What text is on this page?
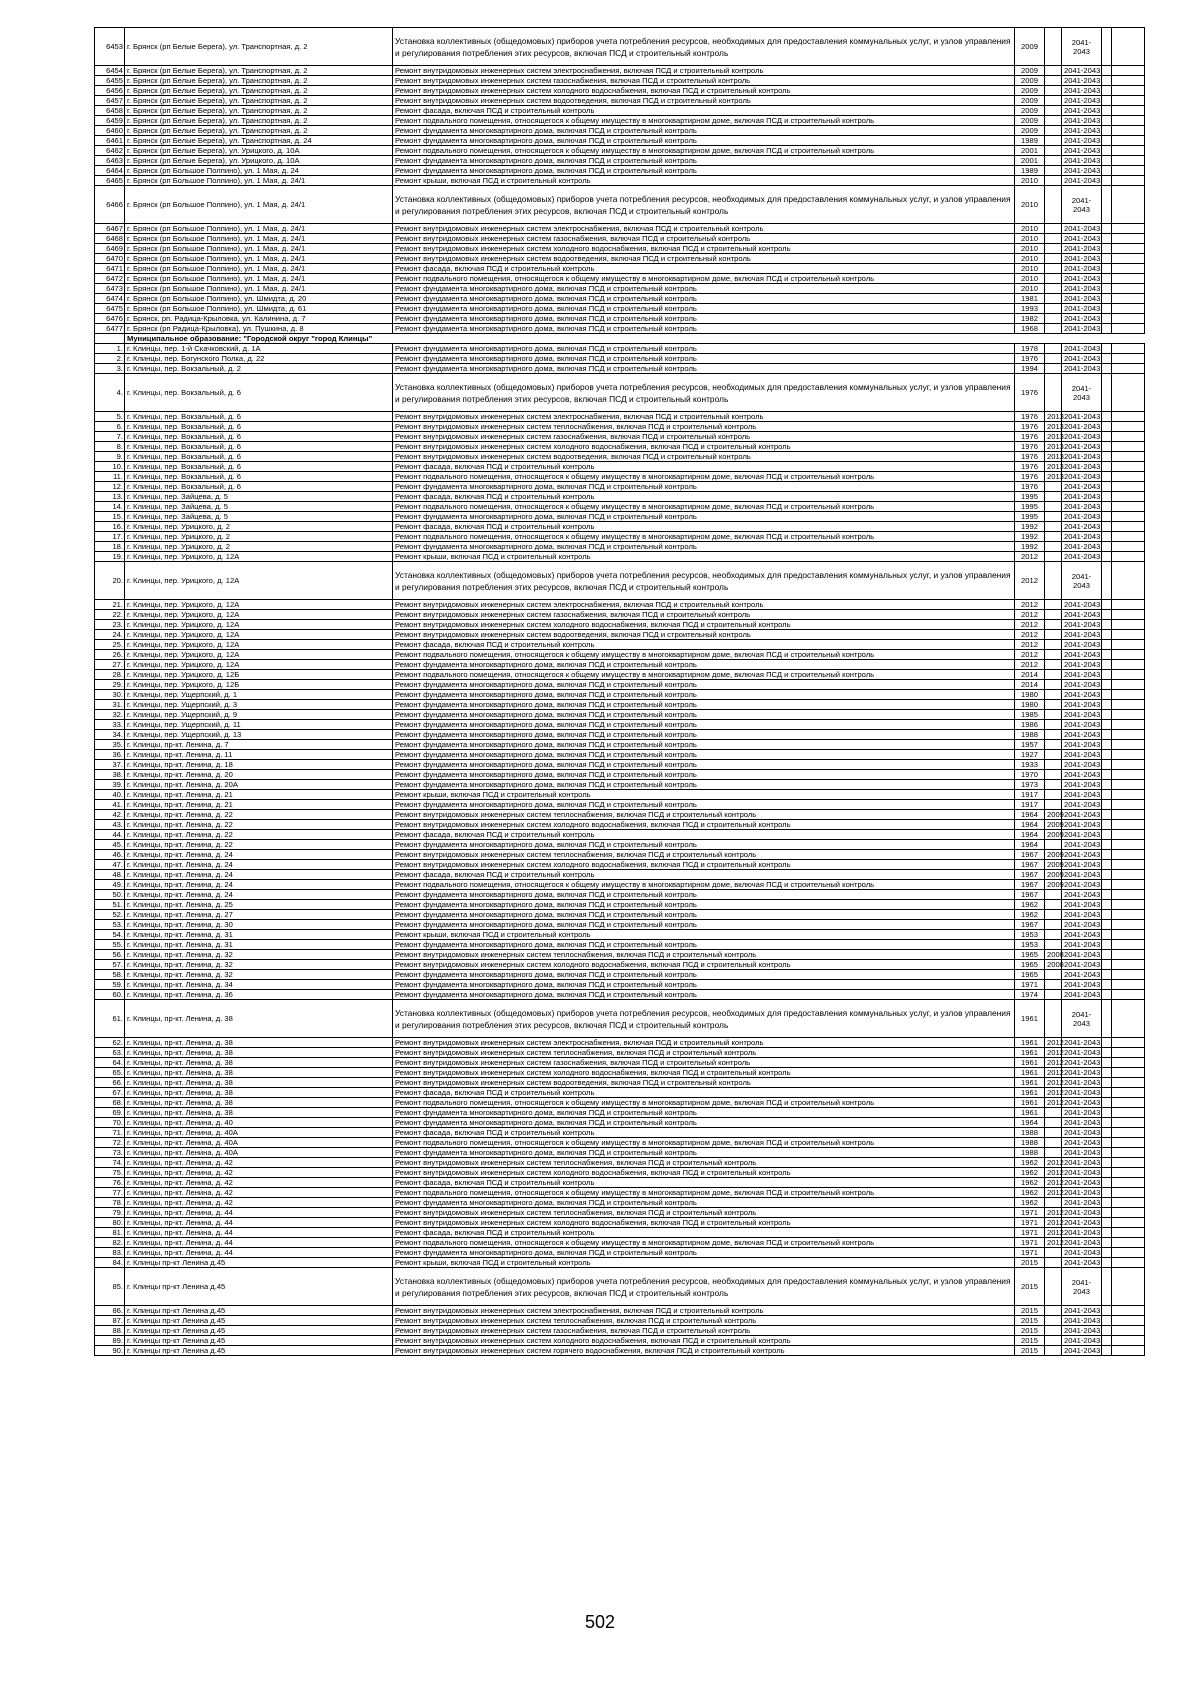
6453	г. Брянск (рп Белые Берега), ул. Транспортная, д. 2	Установка коллективных (общедомовых) приборов учета потребления ресурсов, необходимых для предоставления коммунальных услуг, и узлов управления и регулирования потребления этих ресурсов, включая ПСД и строительный контроль	2009		2041-2043		
6454	г. Брянск (рп Белые Берега), ул. Транспортная, д. 2	Ремонт внутридомовых инженерных систем электроснабжения, включая ПСД и строительный контроль	2009		2041-2043		
6455	г. Брянск (рп Белые Берега), ул. Транспортная, д. 2	Ремонт внутридомовых инженерных систем газоснабжения, включая ПСД и строительный контроль	2009		2041-2043		
6456	г. Брянск (рп Белые Берега), ул. Транспортная, д. 2	Ремонт внутридомовых инженерных систем холодного водоснабжения, включая ПСД и строительный контроль	2009		2041-2043		
6457	г. Брянск (рп Белые Берега), ул. Транспортная, д. 2	Ремонт внутридомовых инженерных систем водоотведения, включая ПСД и строительный контроль	2009		2041-2043		
6458	г. Брянск (рп Белые Берега), ул. Транспортная, д. 2	Ремонт фасада, включая ПСД и строительный контроль	2009		2041-2043		
6459	г. Брянск (рп Белые Берега), ул. Транспортная, д. 2	Ремонт подвального помещения, относящегося к общему имуществу в многоквартирном доме, включая ПСД и строительный контроль	2009		2041-2043		
6460	г. Брянск (рп Белые Берега), ул. Транспортная, д. 2	Ремонт фундамента многоквартирного дома, включая ПСД и строительный контроль	2009		2041-2043		
6461	г. Брянск (рп Белые Берега), ул. Транспортная, д. 24	Ремонт фундамента многоквартирного дома, включая ПСД и строительный контроль	1989		2041-2043		
6462	г. Брянск (рп Белые Берега), ул. Урицкого, д. 10А	Ремонт подвального помещения, относящегося к общему имуществу в многоквартирном доме, включая ПСД и строительный контроль	2001		2041-2043		
6463	г. Брянск (рп Белые Берега), ул. Урицкого, д. 10А	Ремонт фундамента многоквартирного дома, включая ПСД и строительный контроль	2001		2041-2043		
6464	г. Брянск (рп Большое Полпино), ул. 1 Мая, д. 24	Ремонт фундамента многоквартирного дома, включая ПСД и строительный контроль	1989		2041-2043		
6465	г. Брянск (рп Большое Полпино), ул. 1 Мая, д. 24/1	Ремонт крыши, включая ПСД и строительный контроль	2010		2041-2043		
6466	г. Брянск (рп Большое Полпино), ул. 1 Мая, д. 24/1	Установка коллективных (общедомовых) приборов учета потребления ресурсов, необходимых для предоставления коммунальных услуг, и узлов управления и регулирования потребления этих ресурсов, включая ПСД и строительный контроль	2010		2041-2043		
6467	г. Брянск (рп Большое Полпино), ул. 1 Мая, д. 24/1	Ремонт внутридомовых инженерных систем электроснабжения, включая ПСД и строительный контроль	2010		2041-2043		
6468	г. Брянск (рп Большое Полпино), ул. 1 Мая, д. 24/1	Ремонт внутридомовых инженерных систем газоснабжения, включая ПСД и строительный контроль	2010		2041-2043		
6469	г. Брянск (рп Большое Полпино), ул. 1 Мая, д. 24/1	Ремонт внутридомовых инженерных систем холодного водоснабжения, включая ПСД и строительный контроль	2010		2041-2043		
6470	г. Брянск (рп Большое Полпино), ул. 1 Мая, д. 24/1	Ремонт внутридомовых инженерных систем водоотведения, включая ПСД и строительный контроль	2010		2041-2043		
6471	г. Брянск (рп Большое Полпино), ул. 1 Мая, д. 24/1	Ремонт фасада, включая ПСД и строительный контроль	2010		2041-2043		
6472	г. Брянск (рп Большое Полпино), ул. 1 Мая, д. 24/1	Ремонт подвального помещения, относящегося к общему имуществу в многоквартирном доме, включая ПСД и строительный контроль	2010		2041-2043		
6473	г. Брянск (рп Большое Полпино), ул. 1 Мая, д. 24/1	Ремонт фундамента многоквартирного дома, включая ПСД и строительный контроль	2010		2041-2043		
6474	г. Брянск (рп Большое Полпино), ул. Шмидта, д. 20	Ремонт фундамента многоквартирного дома, включая ПСД и строительный контроль	1981		2041-2043		
6475	г. Брянск (рп Большое Полпино), ул. Шмидта, д. 61	Ремонт фундамента многоквартирного дома, включая ПСД и строительный контроль	1993		2041-2043		
6476	г. Брянск, рп. Радица-Крыловка, ул. Калинина, д. 7	Ремонт фундамента многоквартирного дома, включая ПСД и строительный контроль	1982		2041-2043		
6477	г. Брянск (рп Радица-Крыловка), ул. Пушкина, д. 8	Ремонт фундамента многоквартирного дома, включая ПСД и строительный контроль	1968		2041-2043		
	Муниципальное образование: "Городской округ "город Клинцы"						
1.	г. Клинцы, пер. 1-й Скачковский, д. 1А	Ремонт фундамента многоквартирного дома, включая ПСД и строительный контроль	1978		2041-2043		
2.	г. Клинцы, пер. Богунского Полка, д. 22	Ремонт фундамента многоквартирного дома, включая ПСД и строительный контроль	1976		2041-2043		
3.	г. Клинцы, пер. Вокзальный, д. 2	Ремонт фундамента многоквартирного дома, включая ПСД и строительный контроль	1994		2041-2043		
4.	г. Клинцы, пер. Вокзальный, д. 6	Установка коллективных (общедомовых) приборов учета потребления ресурсов, необходимых для предоставления коммунальных услуг, и узлов управления и регулирования потребления этих ресурсов, включая ПСД и строительный контроль	1976		2041-2043		
5.	г. Клинцы, пер. Вокзальный, д. 6	Ремонт внутридомовых инженерных систем электроснабжения, включая ПСД и строительный контроль	1976	2013	2041-2043		
6.	г. Клинцы, пер. Вокзальный, д. 6	Ремонт внутридомовых инженерных систем теплоснабжения, включая ПСД и строительный контроль	1976	2013	2041-2043		
7.	г. Клинцы, пер. Вокзальный, д. 6	Ремонт внутридомовых инженерных систем газоснабжения, включая ПСД и строительный контроль	1976	2013	2041-2043		
8.	г. Клинцы, пер. Вокзальный, д. 6	Ремонт внутридомовых инженерных систем холодного водоснабжения, включая ПСД и строительный контроль	1976	2013	2041-2043		
9.	г. Клинцы, пер. Вокзальный, д. 6	Ремонт внутридомовых инженерных систем водоотведения, включая ПСД и строительный контроль	1976	2013	2041-2043		
10.	г. Клинцы, пер. Вокзальный, д. 6	Ремонт фасада, включая ПСД и строительный контроль	1976	2013	2041-2043		
11.	г. Клинцы, пер. Вокзальный, д. 6	Ремонт подвального помещения, относящегося к общему имуществу в многоквартирном доме, включая ПСД и строительный контроль	1976	2013	2041-2043		
12.	г. Клинцы, пер. Вокзальный, д. 6	Ремонт фундамента многоквартирного дома, включая ПСД и строительный контроль	1976		2041-2043		
13.	г. Клинцы, пер. Зайцева, д. 5	Ремонт фасада, включая ПСД и строительный контроль	1995		2041-2043		
14.	г. Клинцы, пер. Зайцева, д. 5	Ремонт подвального помещения, относящегося к общему имуществу в многоквартирном доме, включая ПСД и строительный контроль	1995		2041-2043		
15.	г. Клинцы, пер. Зайцева, д. 5	Ремонт фундамента многоквартирного дома, включая ПСД и строительный контроль	1995		2041-2043		
16.	г. Клинцы, пер. Урицкого, д. 2	Ремонт фасада, включая ПСД и строительный контроль	1992		2041-2043		
17.	г. Клинцы, пер. Урицкого, д. 2	Ремонт подвального помещения, относящегося к общему имуществу в многоквартирном доме, включая ПСД и строительный контроль	1992		2041-2043		
18.	г. Клинцы, пер. Урицкого, д. 2	Ремонт фундамента многоквартирного дома, включая ПСД и строительный контроль	1992		2041-2043		
19.	г. Клинцы, пер. Урицкого, д. 12А	Ремонт крыши, включая ПСД и строительный контроль	2012		2041-2043		
20.	г. Клинцы, пер. Урицкого, д. 12А	Установка коллективных (общедомовых) приборов учета потребления ресурсов, необходимых для предоставления коммунальных услуг, и узлов управления и регулирования потребления этих ресурсов, включая ПСД и строительный контроль	2012		2041-2043		
21.	г. Клинцы, пер. Урицкого, д. 12А	Ремонт внутридомовых инженерных систем электроснабжения, включая ПСД и строительный контроль	2012		2041-2043		
22.	г. Клинцы, пер. Урицкого, д. 12А	Ремонт внутридомовых инженерных систем газоснабжения, включая ПСД и строительный контроль	2012		2041-2043		
23.	г. Клинцы, пер. Урицкого, д. 12А	Ремонт внутридомовых инженерных систем холодного водоснабжения, включая ПСД и строительный контроль	2012		2041-2043		
24.	г. Клинцы, пер. Урицкого, д. 12А	Ремонт внутридомовых инженерных систем водоотведения, включая ПСД и строительный контроль	2012		2041-2043		
25.	г. Клинцы, пер. Урицкого, д. 12А	Ремонт фасада, включая ПСД и строительный контроль	2012		2041-2043		
26.	г. Клинцы, пер. Урицкого, д. 12А	Ремонт подвального помещения, относящегося к общему имуществу в многоквартирном доме, включая ПСД и строительный контроль	2012		2041-2043		
27.	г. Клинцы, пер. Урицкого, д. 12А	Ремонт фундамента многоквартирного дома, включая ПСД и строительный контроль	2012		2041-2043		
28.	г. Клинцы, пер. Урицкого, д. 12Б	Ремонт подвального помещения, относящегося к общему имуществу в многоквартирном доме, включая ПСД и строительный контроль	2014		2041-2043		
29.	г. Клинцы, пер. Урицкого, д. 12Б	Ремонт фундамента многоквартирного дома, включая ПСД и строительный контроль	2014		2041-2043		
30.	г. Клинцы, пер. Ущерпский, д. 1	Ремонт фундамента многоквартирного дома, включая ПСД и строительный контроль	1980		2041-2043		
31.	г. Клинцы, пер. Ущерпский, д. 3	Ремонт фундамента многоквартирного дома, включая ПСД и строительный контроль	1980		2041-2043		
32.	г. Клинцы, пер. Ущерпский, д. 9	Ремонт фундамента многоквартирного дома, включая ПСД и строительный контроль	1985		2041-2043		
33.	г. Клинцы, пер. Ущерпский, д. 11	Ремонт фундамента многоквартирного дома, включая ПСД и строительный контроль	1986		2041-2043		
34.	г. Клинцы, пер. Ущерпский, д. 13	Ремонт фундамента многоквартирного дома, включая ПСД и строительный контроль	1988		2041-2043		
35.	г. Клинцы, пр-кт. Ленина, д. 7	Ремонт фундамента многоквартирного дома, включая ПСД и строительный контроль	1957		2041-2043		
36.	г. Клинцы, пр-кт. Ленина, д. 11	Ремонт фундамента многоквартирного дома, включая ПСД и строительный контроль	1927		2041-2043		
37.	г. Клинцы, пр-кт. Ленина, д. 18	Ремонт фундамента многоквартирного дома, включая ПСД и строительный контроль	1933		2041-2043		
38.	г. Клинцы, пр-кт. Ленина, д. 20	Ремонт фундамента многоквартирного дома, включая ПСД и строительный контроль	1970		2041-2043		
39.	г. Клинцы, пр-кт. Ленина, д. 20А	Ремонт фундамента многоквартирного дома, включая ПСД и строительный контроль	1973		2041-2043		
40.	г. Клинцы, пр-кт. Ленина, д. 21	Ремонт крыши, включая ПСД и строительный контроль	1917		2041-2043		
41.	г. Клинцы, пр-кт. Ленина, д. 21	Ремонт фундамента многоквартирного дома, включая ПСД и строительный контроль	1917		2041-2043		
42.	г. Клинцы, пр-кт. Ленина, д. 22	Ремонт внутридомовых инженерных систем теплоснабжения, включая ПСД и строительный контроль	1964	2009	2041-2043		
43.	г. Клинцы, пр-кт. Ленина, д. 22	Ремонт внутридомовых инженерных систем холодного водоснабжения, включая ПСД и строительный контроль	1964	2009	2041-2043		
44.	г. Клинцы, пр-кт. Ленина, д. 22	Ремонт фасада, включая ПСД и строительный контроль	1964	2009	2041-2043		
45.	г. Клинцы, пр-кт. Ленина, д. 22	Ремонт фундамента многоквартирного дома, включая ПСД и строительный контроль	1964		2041-2043		
46.	г. Клинцы, пр-кт. Ленина, д. 24	Ремонт внутридомовых инженерных систем теплоснабжения, включая ПСД и строительный контроль	1967	2009	2041-2043		
47.	г. Клинцы, пр-кт. Ленина, д. 24	Ремонт внутридомовых инженерных систем холодного водоснабжения, включая ПСД и строительный контроль	1967	2009	2041-2043		
48.	г. Клинцы, пр-кт. Ленина, д. 24	Ремонт фасада, включая ПСД и строительный контроль	1967	2009	2041-2043		
49.	г. Клинцы, пр-кт. Ленина, д. 24	Ремонт подвального помещения, относящегося к общему имуществу в многоквартирном доме, включая ПСД и строительный контроль	1967	2009	2041-2043		
50.	г. Клинцы, пр-кт. Ленина, д. 24	Ремонт фундамента многоквартирного дома, включая ПСД и строительный контроль	1967		2041-2043		
51.	г. Клинцы, пр-кт. Ленина, д. 25	Ремонт фундамента многоквартирного дома, включая ПСД и строительный контроль	1962		2041-2043		
52.	г. Клинцы, пр-кт. Ленина, д. 27	Ремонт фундамента многоквартирного дома, включая ПСД и строительный контроль	1962		2041-2043		
53.	г. Клинцы, пр-кт. Ленина, д. 30	Ремонт фундамента многоквартирного дома, включая ПСД и строительный контроль	1967		2041-2043		
54.	г. Клинцы, пр-кт. Ленина, д. 31	Ремонт крыши, включая ПСД и строительный контроль	1953		2041-2043		
55.	г. Клинцы, пр-кт. Ленина, д. 31	Ремонт фундамента многоквартирного дома, включая ПСД и строительный контроль	1953		2041-2043		
56.	г. Клинцы, пр-кт. Ленина, д. 32	Ремонт внутридомовых инженерных систем теплоснабжения, включая ПСД и строительный контроль	1965	2008	2041-2043		
57.	г. Клинцы, пр-кт. Ленина, д. 32	Ремонт внутридомовых инженерных систем холодного водоснабжения, включая ПСД и строительный контроль	1965	2008	2041-2043		
58.	г. Клинцы, пр-кт. Ленина, д. 32	Ремонт фундамента многоквартирного дома, включая ПСД и строительный контроль	1965		2041-2043		
59.	г. Клинцы, пр-кт. Ленина, д. 34	Ремонт фундамента многоквартирного дома, включая ПСД и строительный контроль	1971		2041-2043		
60.	г. Клинцы, пр-кт. Ленина, д. 36	Ремонт фундамента многоквартирного дома, включая ПСД и строительный контроль	1974		2041-2043		
61.	г. Клинцы, пр-кт. Ленина, д. 38	Установка коллективных (общедомовых) приборов учета потребления ресурсов, необходимых для предоставления коммунальных услуг, и узлов управления и регулирования потребления этих ресурсов, включая ПСД и строительный контроль	1961		2041-2043		
62.	г. Клинцы, пр-кт. Ленина, д. 38	Ремонт внутридомовых инженерных систем электроснабжения, включая ПСД и строительный контроль	1961	2012	2041-2043		
63.	г. Клинцы, пр-кт. Ленина, д. 38	Ремонт внутридомовых инженерных систем теплоснабжения, включая ПСД и строительный контроль	1961	2012	2041-2043		
64.	г. Клинцы, пр-кт. Ленина, д. 38	Ремонт внутридомовых инженерных систем газоснабжения, включая ПСД и строительный контроль	1961	2012	2041-2043		
65.	г. Клинцы, пр-кт. Ленина, д. 38	Ремонт внутридомовых инженерных систем холодного водоснабжения, включая ПСД и строительный контроль	1961	2012	2041-2043		
66.	г. Клинцы, пр-кт. Ленина, д. 38	Ремонт внутридомовых инженерных систем водоотведения, включая ПСД и строительный контроль	1961	2012	2041-2043		
67.	г. Клинцы, пр-кт. Ленина, д. 38	Ремонт фасада, включая ПСД и строительный контроль	1961	2012	2041-2043		
68.	г. Клинцы, пр-кт. Ленина, д. 38	Ремонт подвального помещения, относящегося к общему имуществу в многоквартирном доме, включая ПСД и строительный контроль	1961	2012	2041-2043		
69.	г. Клинцы, пр-кт. Ленина, д. 38	Ремонт фундамента многоквартирного дома, включая ПСД и строительный контроль	1961		2041-2043		
70.	г. Клинцы, пр-кт. Ленина, д. 40	Ремонт фундамента многоквартирного дома, включая ПСД и строительный контроль	1964		2041-2043		
71.	г. Клинцы, пр-кт. Ленина, д. 40А	Ремонт фасада, включая ПСД и строительный контроль	1988		2041-2043		
72.	г. Клинцы, пр-кт. Ленина, д. 40А	Ремонт подвального помещения, относящегося к общему имуществу в многоквартирном доме, включая ПСД и строительный контроль	1988		2041-2043		
73.	г. Клинцы, пр-кт. Ленина, д. 40А	Ремонт фундамента многоквартирного дома, включая ПСД и строительный контроль	1988		2041-2043		
74.	г. Клинцы, пр-кт. Ленина, д. 42	Ремонт внутридомовых инженерных систем теплоснабжения, включая ПСД и строительный контроль	1962	2012	2041-2043		
75.	г. Клинцы, пр-кт. Ленина, д. 42	Ремонт внутридомовых инженерных систем холодного водоснабжения, включая ПСД и строительный контроль	1962	2012	2041-2043		
76.	г. Клинцы, пр-кт. Ленина, д. 42	Ремонт фасада, включая ПСД и строительный контроль	1962	2012	2041-2043		
77.	г. Клинцы, пр-кт. Ленина, д. 42	Ремонт подвального помещения, относящегося к общему имуществу в многоквартирном доме, включая ПСД и строительный контроль	1962	2012	2041-2043		
78.	г. Клинцы, пр-кт. Ленина, д. 42	Ремонт фундамента многоквартирного дома, включая ПСД и строительный контроль	1962		2041-2043		
79.	г. Клинцы, пр-кт. Ленина, д. 44	Ремонт внутридомовых инженерных систем теплоснабжения, включая ПСД и строительный контроль	1971	2012	2041-2043		
80.	г. Клинцы, пр-кт. Ленина, д. 44	Ремонт внутридомовых инженерных систем холодного водоснабжения, включая ПСД и строительный контроль	1971	2012	2041-2043		
81.	г. Клинцы, пр-кт. Ленина, д. 44	Ремонт фасада, включая ПСД и строительный контроль	1971	2012	2041-2043		
82.	г. Клинцы, пр-кт. Ленина, д. 44	Ремонт подвального помещения, относящегося к общему имуществу в многоквартирном доме, включая ПСД и строительный контроль	1971	2012	2041-2043		
83.	г. Клинцы, пр-кт. Ленина, д. 44	Ремонт фундамента многоквартирного дома, включая ПСД и строительный контроль	1971		2041-2043		
84.	г. Клинцы пр-кт Ленина д.45	Ремонт крыши, включая ПСД и строительный контроль	2015		2041-2043		
85.	г. Клинцы пр-кт Ленина д.45	Установка коллективных (общедомовых) приборов учета потребления ресурсов, необходимых для предоставления коммунальных услуг, и узлов управления и регулирования потребления этих ресурсов, включая ПСД и строительный контроль	2015		2041-2043		
86.	г. Клинцы пр-кт Ленина д.45	Ремонт внутридомовых инженерных систем электроснабжения, включая ПСД и строительный контроль	2015		2041-2043		
87.	г. Клинцы пр-кт Ленина д.45	Ремонт внутридомовых инженерных систем теплоснабжения, включая ПСД и строительный контроль	2015		2041-2043		
88.	г. Клинцы пр-кт Ленина д.45	Ремонт внутридомовых инженерных систем газоснабжения, включая ПСД и строительный контроль	2015		2041-2043		
89.	г. Клинцы пр-кт Ленина д.45	Ремонт внутридомовых инженерных систем холодного водоснабжения, включая ПСД и строительный контроль	2015		2041-2043		
90.	г. Клинцы пр-кт Ленина д.45	Ремонт внутридомовых инженерных систем горячего водоснабжения, включая ПСД и строительный контроль	2015		2041-2043		
502
